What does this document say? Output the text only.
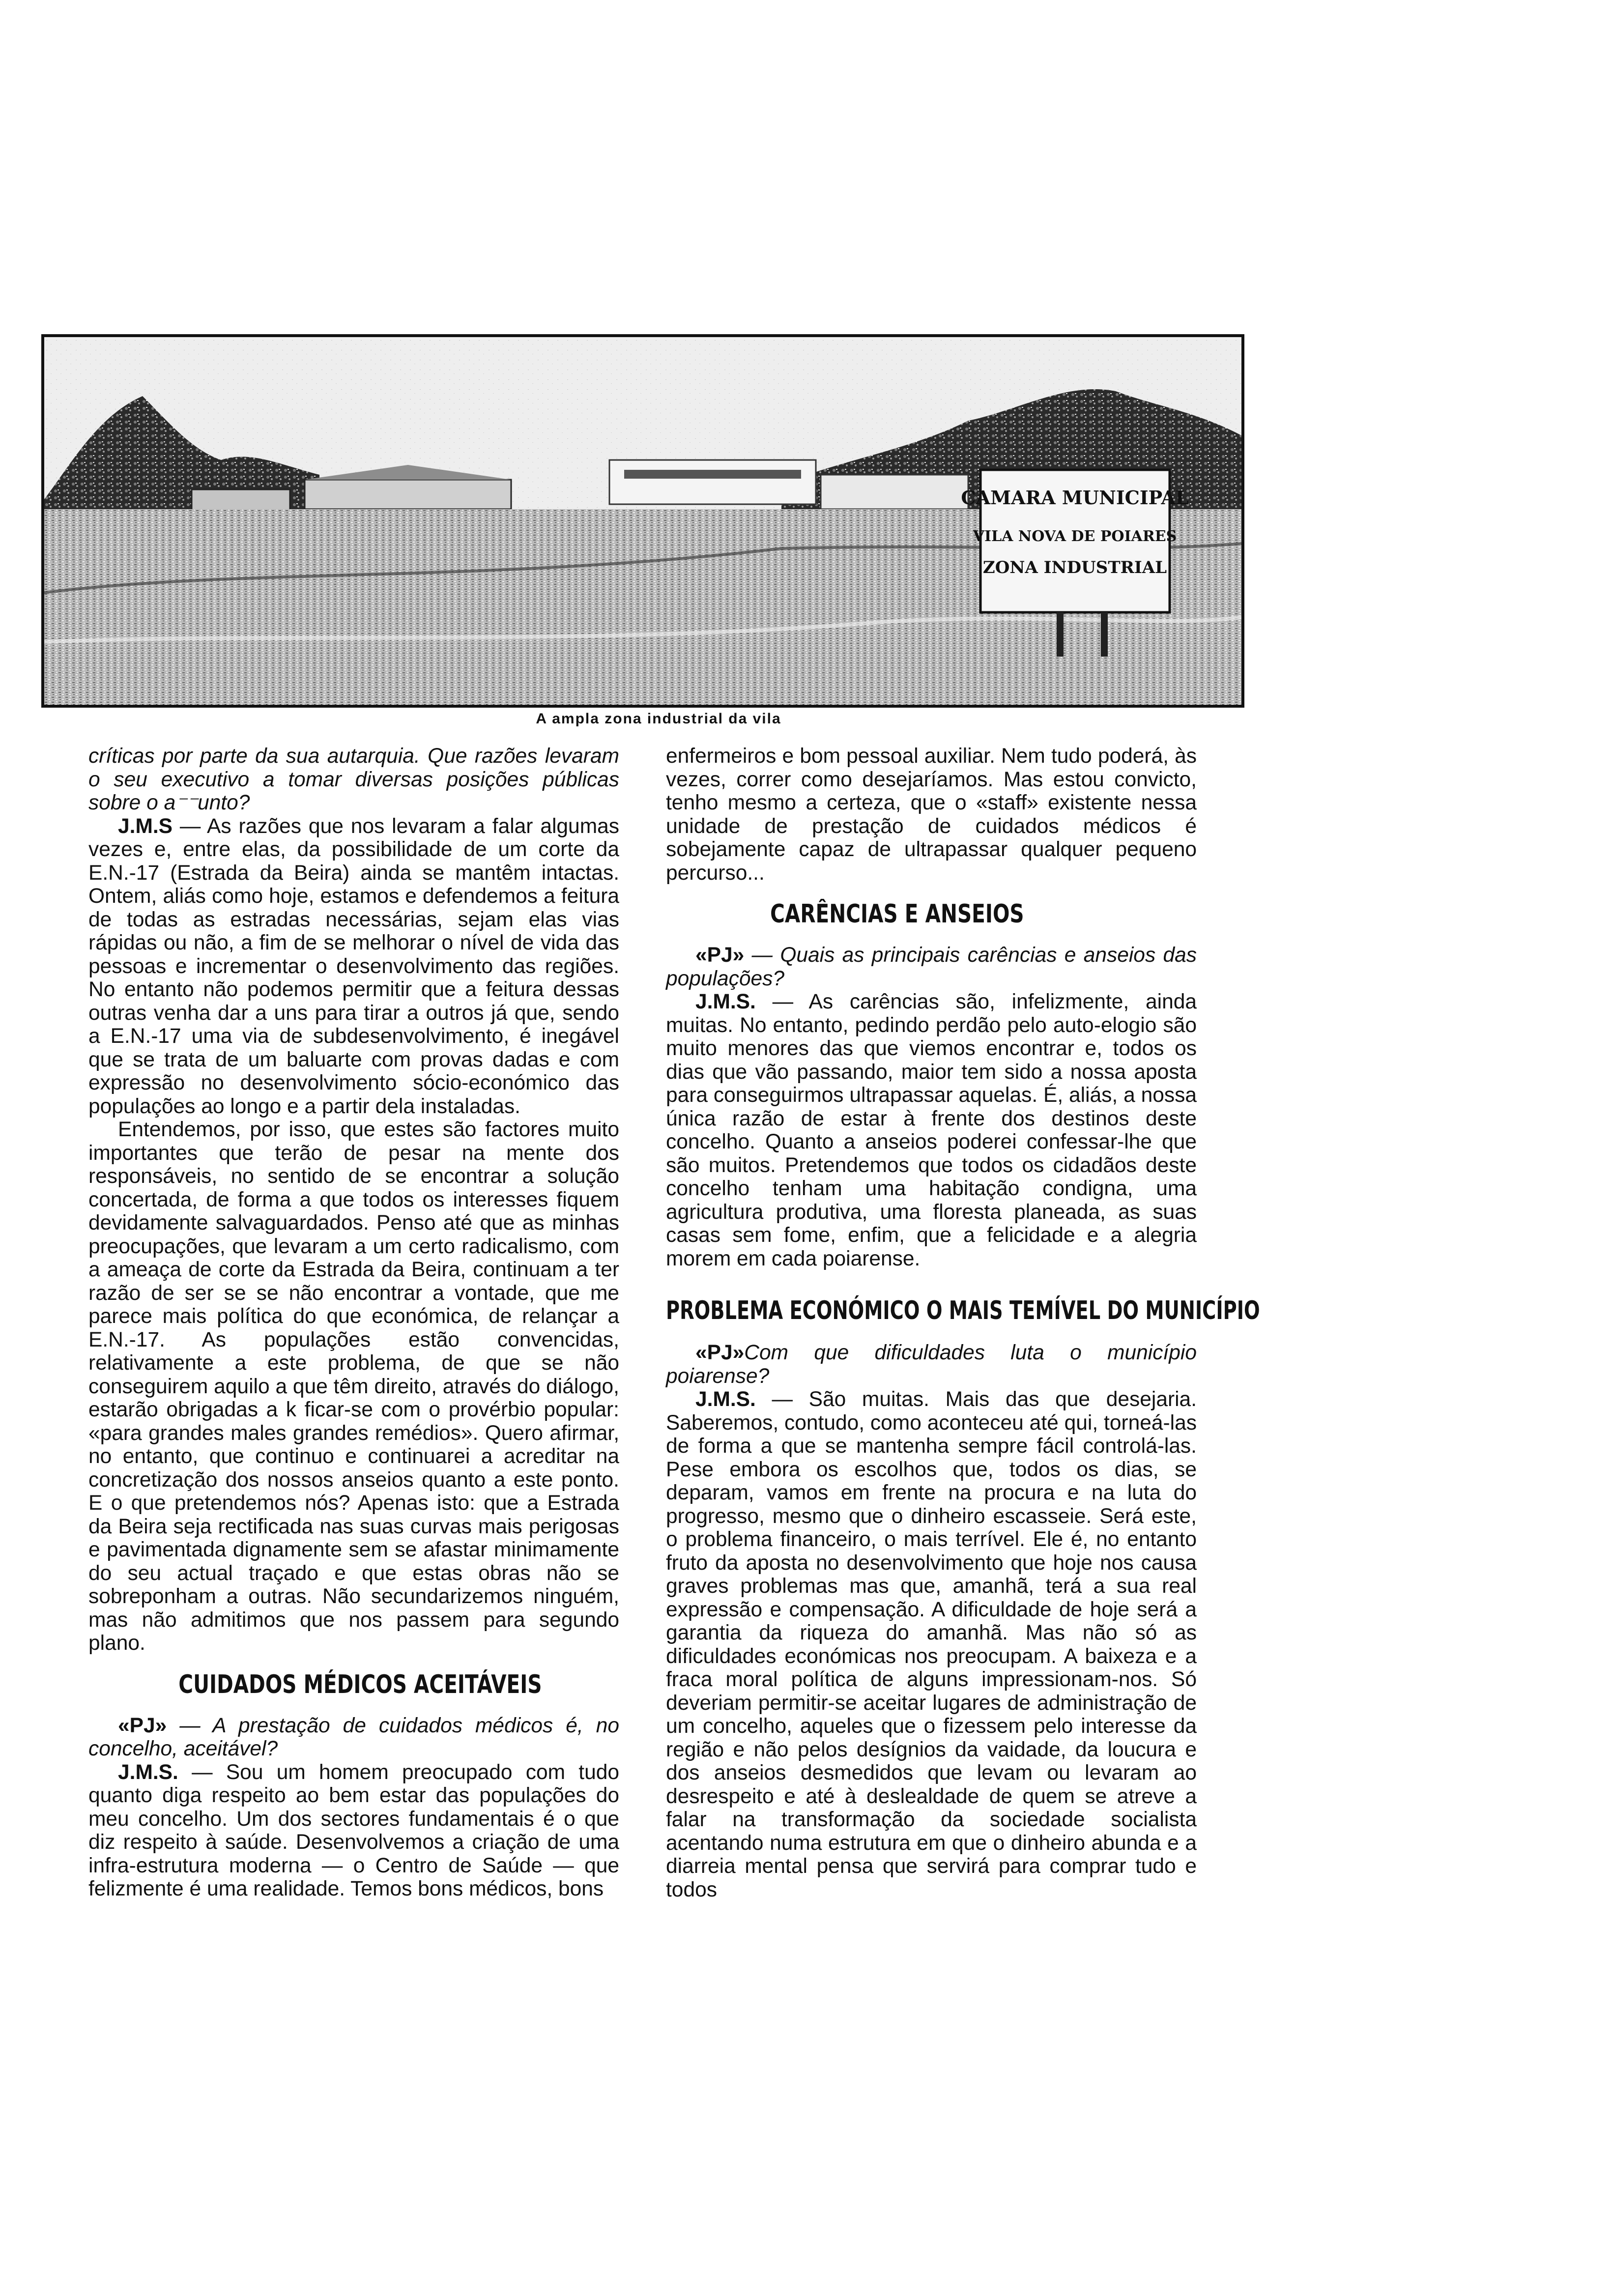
CAMARA MUNICIPAL
VILA NOVA DE POIARES
ZONA INDUSTRIAL
A ampla zona industrial da vila

críticas por parte da sua autarquia. Que razões levaram o seu executivo a tomar diversas posições públicas sobre o a⁻⁻unto?

J.M.S — As razões que nos levaram a falar algumas vezes e, entre elas, da possibilidade de um corte da E.N.-17 (Estrada da Beira) ainda se mantêm intactas. Ontem, aliás como hoje, estamos e defendemos a feitura de todas as estradas necessárias, sejam elas vias rápidas ou não, a fim de se melhorar o nível de vida das pessoas e incrementar o desenvolvimento das regiões. No entanto não podemos permitir que a feitura dessas outras venha dar a uns para tirar a outros já que, sendo a E.N.-17 uma via de subdesenvolvimento, é inegável que se trata de um baluarte com provas dadas e com expressão no desenvolvimento sócio-económico das populações ao longo e a partir dela instaladas.

Entendemos, por isso, que estes são factores muito importantes que terão de pesar na mente dos responsáveis, no sentido de se encontrar a solução concertada, de forma a que todos os interesses fiquem devidamente salvaguardados. Penso até que as minhas preocupações, que levaram a um certo radicalismo, com a ameaça de corte da Estrada da Beira, continuam a ter razão de ser se se não encontrar a vontade, que me parece mais política do que económica, de relançar a E.N.-17. As populações estão convencidas, relativamente a este problema, de que se não conseguirem aquilo a que têm direito, através do diálogo, estarão obrigadas a k ficar-se com o provérbio popular: «para grandes males grandes remédios». Quero afirmar, no entanto, que continuo e continuarei a acreditar na concretização dos nossos anseios quanto a este ponto. E o que pretendemos nós? Apenas isto: que a Estrada da Beira seja rectificada nas suas curvas mais perigosas e pavimentada dignamente sem se afastar minimamente do seu actual traçado e que estas obras não se sobreponham a outras. Não secundarizemos ninguém, mas não admitimos que nos passem para segundo plano.

CUIDADOS MÉDICOS ACEITÁVEIS

«PJ» — A prestação de cuidados médicos é, no concelho, aceitável?

J.M.S. — Sou um homem preocupado com tudo quanto diga respeito ao bem estar das populações do meu concelho. Um dos sectores fundamentais é o que diz respeito à saúde. Desenvolvemos a criação de uma infra-estrutura moderna — o Centro de Saúde — que felizmente é uma realidade. Temos bons médicos, bons

enfermeiros e bom pessoal auxiliar. Nem tudo poderá, às vezes, correr como desejaríamos. Mas estou convicto, tenho mesmo a certeza, que o «staff» existente nessa unidade de prestação de cuidados médicos é sobejamente capaz de ultrapassar qualquer pequeno percurso...

CARÊNCIAS E ANSEIOS

«PJ» — Quais as principais carências e anseios das populações?

J.M.S. — As carências são, infelizmente, ainda muitas. No entanto, pedindo perdão pelo auto-elogio são muito menores das que viemos encontrar e, todos os dias que vão passando, maior tem sido a nossa aposta para conseguirmos ultrapassar aquelas. É, aliás, a nossa única razão de estar à frente dos destinos deste concelho. Quanto a anseios poderei confessar-lhe que são muitos. Pretendemos que todos os cidadãos deste concelho tenham uma habitação condigna, uma agricultura produtiva, uma floresta planeada, as suas casas sem fome, enfim, que a felicidade e a alegria morem em cada poiarense.

PROBLEMA ECONÓMICO O MAIS TEMÍVEL DO MUNICÍPIO

«PJ»Com que dificuldades luta o município poiarense?

J.M.S. — São muitas. Mais das que desejaria. Saberemos, contudo, como aconteceu até qui, torneá-las de forma a que se mantenha sempre fácil controlá-las. Pese embora os escolhos que, todos os dias, se deparam, vamos em frente na procura e na luta do progresso, mesmo que o dinheiro escasseie. Será este, o problema financeiro, o mais terrível. Ele é, no entanto fruto da aposta no desenvolvimento que hoje nos causa graves problemas mas que, amanhã, terá a sua real expressão e compensação. A dificuldade de hoje será a garantia da riqueza do amanhã. Mas não só as dificuldades económicas nos preocupam. A baixeza e a fraca moral política de alguns impressionam-nos. Só deveriam permitir-se aceitar lugares de administração de um concelho, aqueles que o fizessem pelo interesse da região e não pelos desígnios da vaidade, da loucura e dos anseios desmedidos que levam ou levaram ao desrespeito e até à deslealdade de quem se atreve a falar na transformação da sociedade socialista acentando numa estrutura em que o dinheiro abunda e a diarreia mental pensa que servirá para comprar tudo e todos
